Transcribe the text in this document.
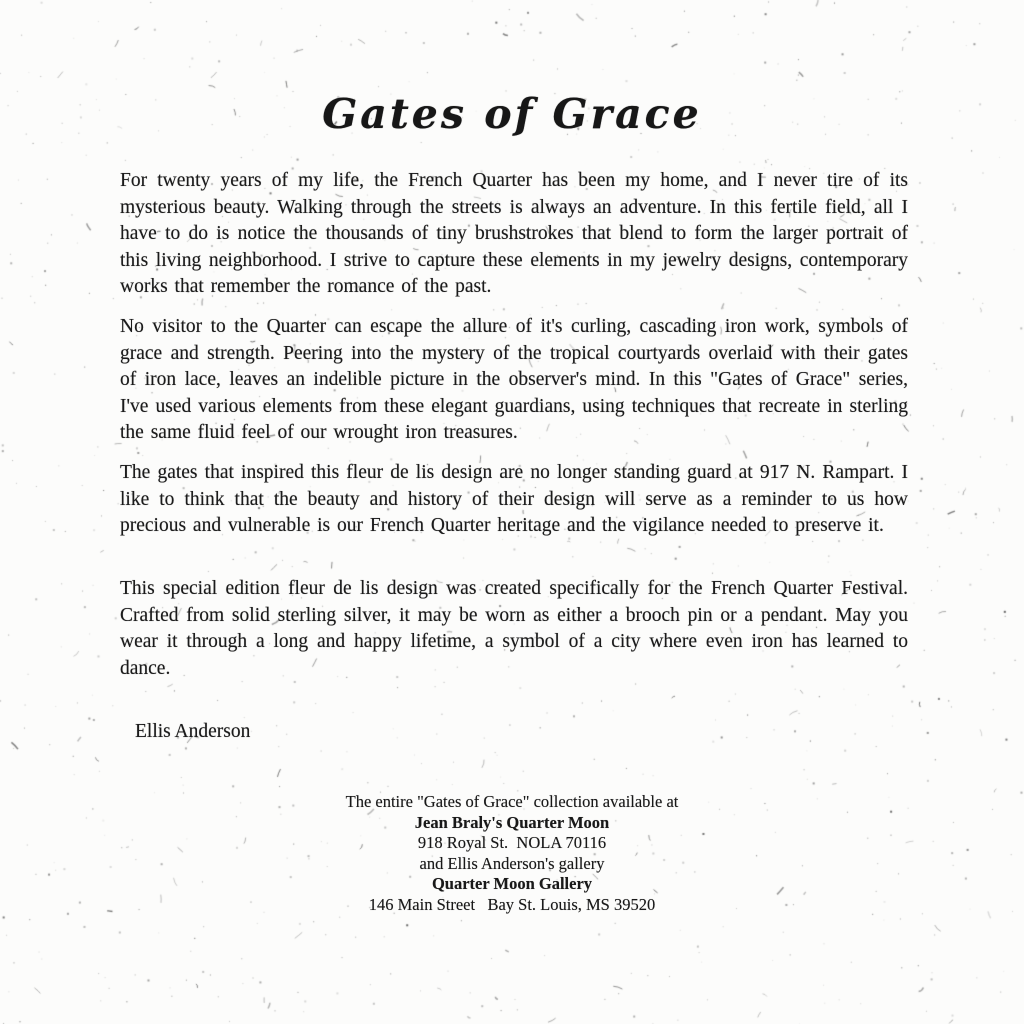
Gates of Grace

For twenty years of my life, the French Quarter has been my home, and I never tire of its mysterious beauty. Walking through the streets is always an adventure. In this fertile field, all I have to do is notice the thousands of tiny brushstrokes that blend to form the larger portrait of this living neighborhood. I strive to capture these elements in my jewelry designs, contemporary works that remember the romance of the past.

No visitor to the Quarter can escape the allure of it's curling, cascading iron work, symbols of grace and strength. Peering into the mystery of the tropical courtyards overlaid with their gates of iron lace, leaves an indelible picture in the observer's mind. In this "Gates of Grace" series, I've used various elements from these elegant guardians, using techniques that recreate in sterling the same fluid feel of our wrought iron treasures.

The gates that inspired this fleur de lis design are no longer standing guard at 917 N. Rampart. I like to think that the beauty and history of their design will serve as a reminder to us how precious and vulnerable is our French Quarter heritage and the vigilance needed to preserve it.

This special edition fleur de lis design was created specifically for the French Quarter Festival. Crafted from solid sterling silver, it may be worn as either a brooch pin or a pendant. May you wear it through a long and happy lifetime, a symbol of a city where even iron has learned to dance.

Ellis Anderson
The entire "Gates of Grace" collection available at
Jean Braly's Quarter Moon
918 Royal St.  NOLA 70116
and Ellis Anderson's gallery
Quarter Moon Gallery
146 Main Street   Bay St. Louis, MS 39520
